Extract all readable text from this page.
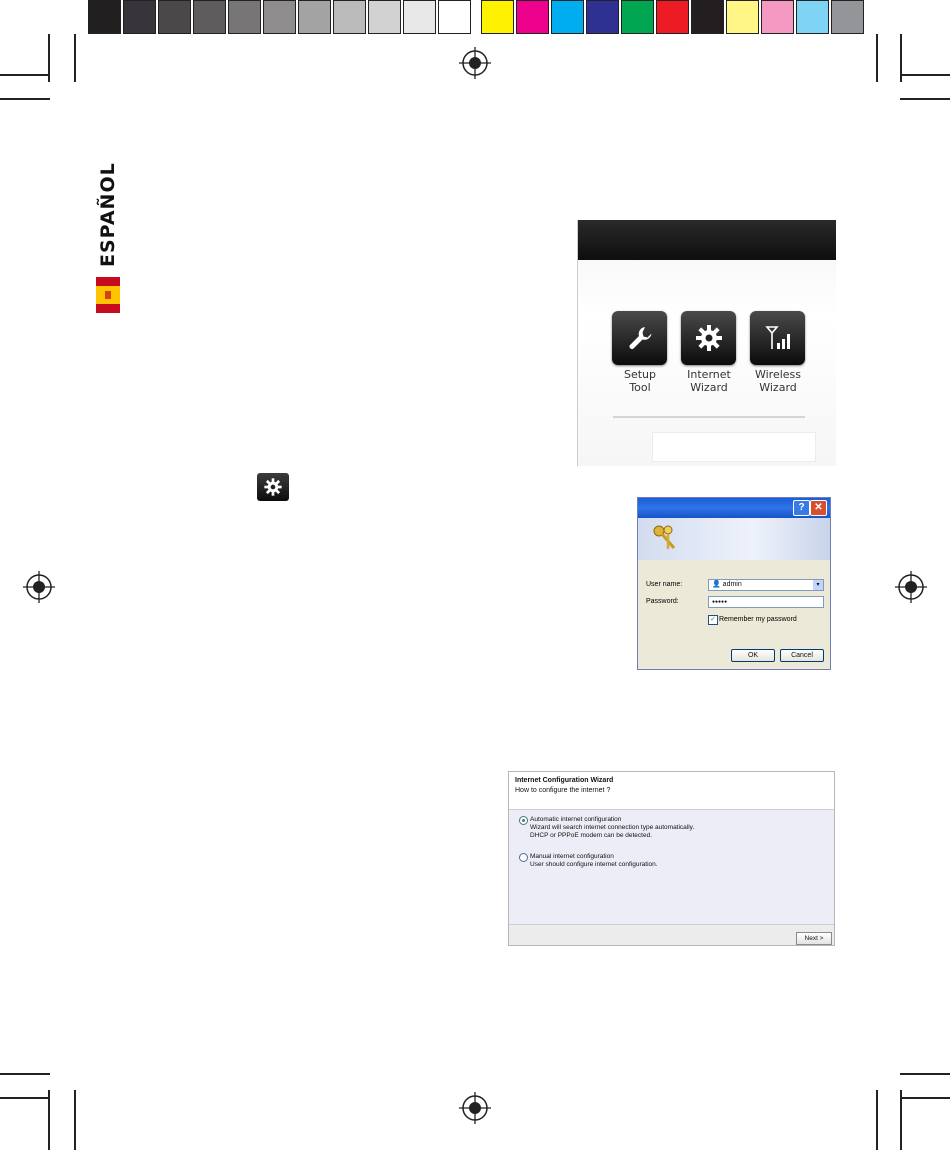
ESPAÑOL
Setup
Tool
Internet
Wizard
Wireless
Wizard
? ✕
User name:	👤 admin	▾
Password:	●●●●●
✓ Remember my password
OK	Cancel
Internet Configuration Wizard
How to configure the internet ?
Automatic internet configuration
Wizard will search internet connection type automatically.
DHCP or PPPoE modem can be detected.
Manual internet configuration
User should configure internet configuration.
Next >
